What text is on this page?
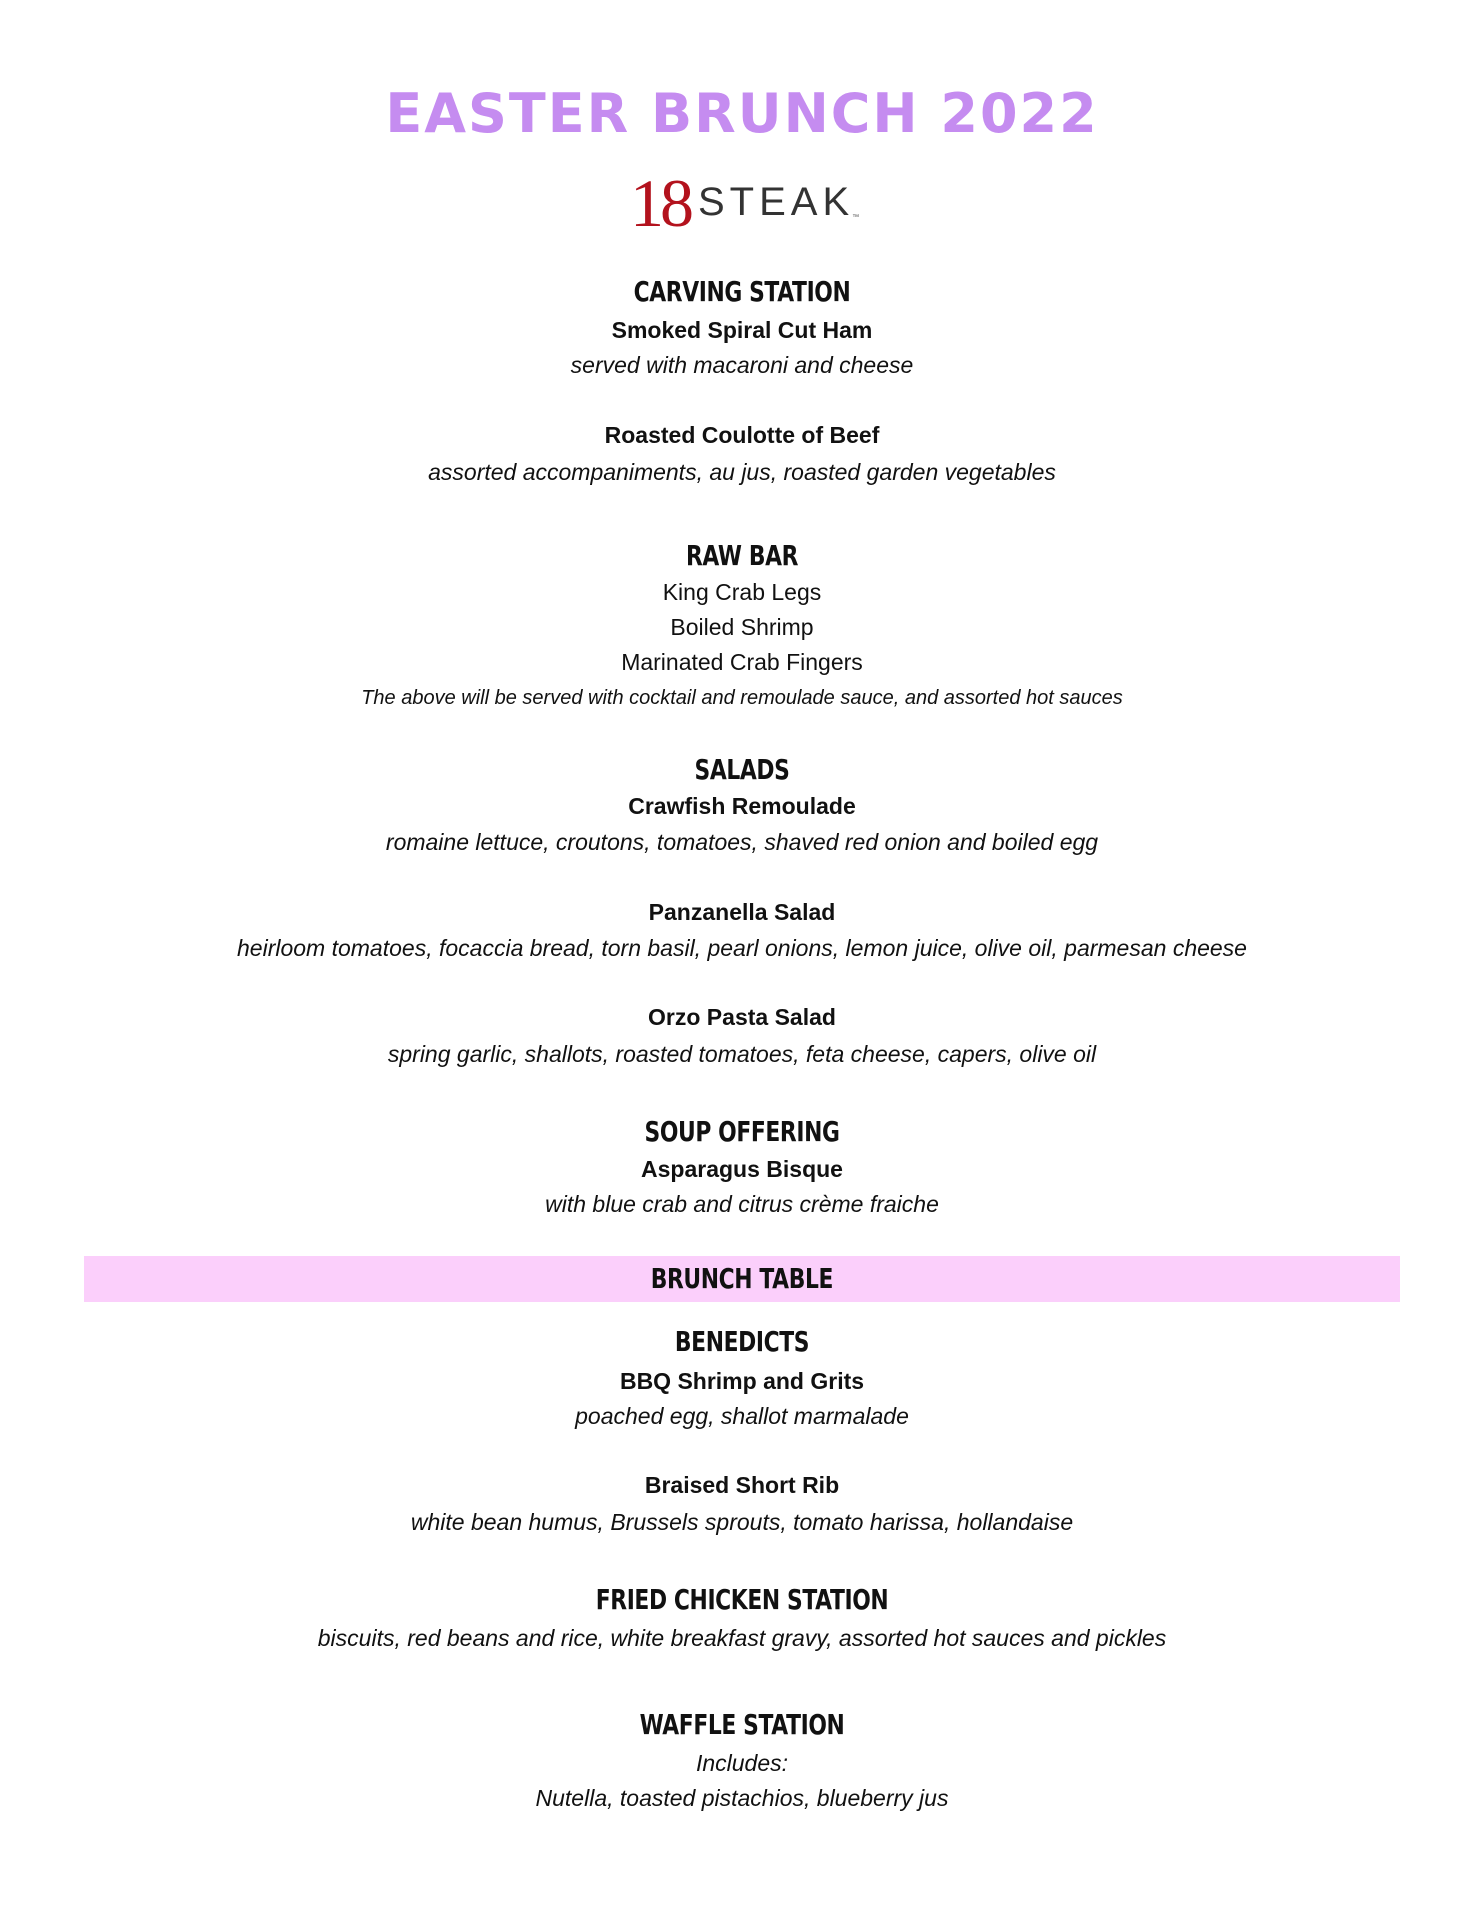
EASTER BRUNCH 2022
18 STEAK
™
CARVING STATION
Smoked Spiral Cut Ham
served with macaroni and cheese
Roasted Coulotte of Beef
assorted accompaniments, au jus, roasted garden vegetables
RAW BAR
King Crab Legs
Boiled Shrimp
Marinated Crab Fingers
The above will be served with cocktail and remoulade sauce, and assorted hot sauces
SALADS
Crawfish Remoulade
romaine lettuce, croutons, tomatoes, shaved red onion and boiled egg
Panzanella Salad
heirloom tomatoes, focaccia bread, torn basil, pearl onions, lemon juice, olive oil, parmesan cheese
Orzo Pasta Salad
spring garlic, shallots, roasted tomatoes, feta cheese, capers, olive oil
SOUP OFFERING
Asparagus Bisque
with blue crab and citrus crème fraiche
BRUNCH TABLE
BENEDICTS
BBQ Shrimp and Grits
poached egg, shallot marmalade
Braised Short Rib
white bean humus, Brussels sprouts, tomato harissa, hollandaise
FRIED CHICKEN STATION
biscuits, red beans and rice, white breakfast gravy, assorted hot sauces and pickles
WAFFLE STATION
Includes:
Nutella, toasted pistachios, blueberry jus
